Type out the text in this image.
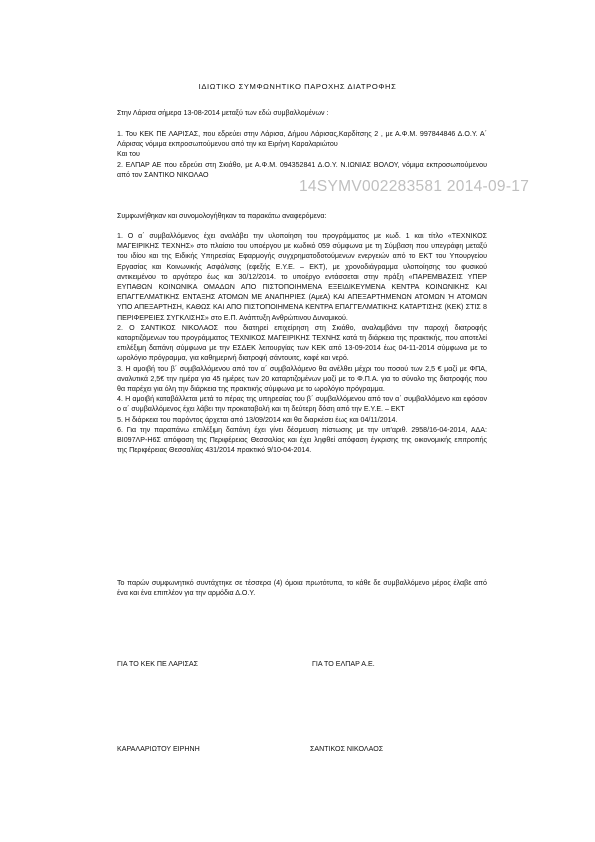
ΙΔΙΩΤΙΚΟ ΣΥΜΦΩΝΗΤΙΚΟ ΠΑΡΟΧΗΣ ΔΙΑΤΡΟΦΗΣ

Στην Λάρισα σήμερα 13-08-2014 μεταξύ των εδώ συμβαλλομένων :

1. Του ΚΕΚ ΠΕ ΛΑΡΙΣΑΣ, που εδρεύει στην Λάρισα, Δήμου Λάρισας,Καρδίτσης 2 , με Α.Φ.Μ. 997844846 Δ.Ο.Υ. Α΄ Λάρισας νόμιμα εκπροσωπούμενου από την κα Ειρήνη Καραλαριώτου

Και του

2. ΕΛΠΑΡ ΑΕ που εδρεύει στη Σκιάθο, με Α.Φ.Μ. 094352841 Δ.Ο.Υ. Ν.ΙΩΝΙΑΣ ΒΟΛΟΥ, νόμιμα εκπροσωπούμενου από τον ΣΑΝΤΙΚΟ ΝΙΚΟΛΑΟ

Συμφωνήθηκαν και συνομολογήθηκαν τα παρακάτω αναφερόμενα:

1. Ο α΄ συμβαλλόμενος έχει αναλάβει την υλοποίηση του προγράμματος με κωδ. 1 και τίτλο «ΤΕΧΝΙΚΟΣ ΜΑΓΕΙΡΙΚΗΣ ΤΕΧΝΗΣ» στο πλαίσιο του υποέργου με κωδικό 059 σύμφωνα με τη Σύμβαση που υπεγράφη μεταξύ του ιδίου και της Ειδικής Υπηρεσίας Εφαρμογής συγχρηματοδοτούμενων ενεργειών από το ΕΚΤ του Υπουργείου Εργασίας και Κοινωνικής Ασφάλισης (εφεξής Ε.Υ.Ε. – ΕΚΤ), με χρονοδιάγραμμα υλοποίησης του φυσικού αντικειμένου το αργότερο έως και 30/12/2014. το υποέργο εντάσσεται στην πράξη «ΠΑΡΕΜΒΑΣΕΙΣ ΥΠΕΡ ΕΥΠΑΘΩΝ ΚΟΙΝΩΝΙΚΑ ΟΜΑΔΩΝ ΑΠΟ ΠΙΣΤΟΠΟΙΗΜΕΝΑ ΕΞΕΙΔΙΚΕΥΜΕΝΑ ΚΕΝΤΡΑ ΚΟΙΝΩΝΙΚΗΣ ΚΑΙ ΕΠΑΓΓΕΛΜΑΤΙΚΗΣ ΕΝΤΑΞΗΣ ΑΤΟΜΩΝ ΜΕ ΑΝΑΠΗΡΙΕΣ (ΑμεΑ) ΚΑΙ ΑΠΕΞΑΡΤΗΜΕΝΩΝ ΑΤΟΜΩΝ Ή ΑΤΟΜΩΝ ΥΠΟ ΑΠΕΞΑΡΤΗΣΗ, ΚΑΘΩΣ ΚΑΙ ΑΠΟ ΠΙΣΤΟΠΟΙΗΜΕΝΑ ΚΕΝΤΡΑ ΕΠΑΓΓΕΛΜΑΤΙΚΗΣ ΚΑΤΑΡΤΙΣΗΣ (ΚΕΚ) ΣΤΙΣ 8 ΠΕΡΙΦΕΡΕΙΕΣ ΣΥΓΚΛΙΣΗΣ» στο Ε.Π. Ανάπτυξη Ανθρώπινου Δυναμικού.

2. Ο ΣΑΝΤΙΚΟΣ ΝΙΚΟΛΑΟΣ που διατηρεί επιχείρηση στη Σκιάθο, αναλαμβάνει την παροχή διατροφής καταρτιζόμενων του προγράμματος ΤΕΧΝΙΚΟΣ ΜΑΓΕΙΡΙΚΗΣ ΤΕΧΝΗΣ κατά τη διάρκεια της πρακτικής, που αποτελεί επιλέξιμη δαπάνη σύμφωνα με την ΕΣΔΕΚ λειτουργίας των ΚΕΚ από 13-09-2014 έως 04-11-2014 σύμφωνα με το ωρολόγιο πρόγραμμα, για καθημερινή διατροφή σάντουιτς, καφέ και νερό.

3. Η αμοιβή του β΄ συμβαλλόμενου από τον α΄ συμβαλλόμενο θα ανέλθει μέχρι του ποσού των 2,5 € μαζί με ΦΠΑ, αναλυτικά 2,5€ την ημέρα για 45 ημέρες των 20 καταρτιζομένων μαζί με το Φ.Π.Α. για το σύνολο της διατροφής που θα παρέχει για όλη την διάρκεια της πρακτικής σύμφωνα με το ωρολόγιο πρόγραμμα.

4. Η αμοιβή καταβάλλεται μετά το πέρας της υπηρεσίας του β΄ συμβαλλόμενου από τον α΄ συμβαλλόμενο και εφόσον ο α΄ συμβαλλόμενος έχει λάβει την προκαταβολή και τη δεύτερη δόση από την Ε.Υ.Ε. – ΕΚΤ

5. Η διάρκεια του παρόντος άρχεται από 13/09/2014 και θα διαρκέσει έως και 04/11/2014.

6. Για την παραπάνω επιλέξιμη δαπάνη έχει γίνει δέσμευση πίστωσης με την υπ'αριθ. 2958/16-04-2014, ΑΔΑ: ΒΙ097ΛΡ-Η6Σ απόφαση της Περιφέρειας Θεσσαλίας και έχει ληφθεί απόφαση έγκρισης της οικονομικής επιτροπής της Περιφέρειας Θεσσαλίας 431/2014 πρακτικό 9/10-04-2014.

Το παρών συμφωνητικό συντάχτηκε σε τέσσερα (4) όμοια πρωτότυπα, το κάθε δε συμβαλλόμενο μέρος έλαβε από ένα και ένα επιπλέον για την αρμόδια Δ.Ο.Υ.

ΓΙΑ ΤΟ ΚΕΚ ΠΕ ΛΑΡΙΣΑΣ	ΓΙΑ ΤΟ ΕΛΠΑΡ Α.Ε.
ΚΑΡΑΛΑΡΙΩΤΟΥ ΕΙΡΗΝΗ	ΣΑΝΤΙΚΟΣ ΝΙΚΟΛΑΟΣ
14SYMV002283581 2014-09-17
